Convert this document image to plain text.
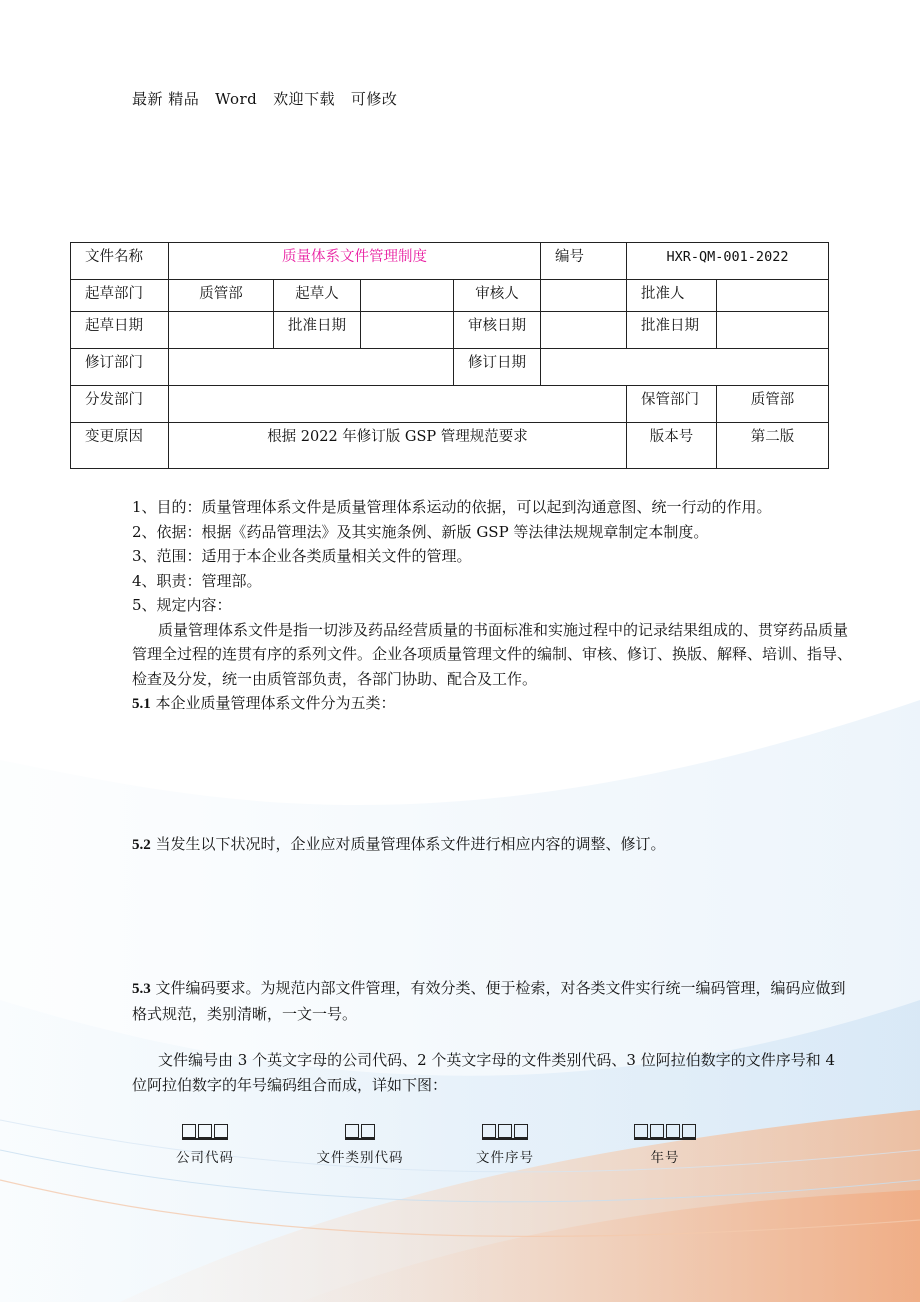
最新 精品   Word   欢迎下载   可修改
文件名称	质量体系文件管理制度				编号	HXR-QM-001-2022	
起草部门	质管部	起草人		审核人		批准人	
起草日期		批准日期		审核日期		批准日期	
修订部门				修订日期			
分发部门						保管部门	质管部
变更原因	根据 2022 年修订版 GSP 管理规范要求					版本号	第二版

1、目的：质量管理体系文件是质量管理体系运动的依据，可以起到沟通意图、统一行动的作用。

2、依据：根据《药品管理法》及其实施条例、新版 GSP 等法律法规规章制定本制度。

3、范围：适用于本企业各类质量相关文件的管理。

4、职责：管理部。

5、规定内容：

质量管理体系文件是指一切涉及药品经营质量的书面标准和实施过程中的记录结果组成的、贯穿药品质量管理全过程的连贯有序的系列文件。企业各项质量管理文件的编制、审核、修订、换版、解释、培训、指导、检查及分发，统一由质管部负责，各部门协助、配合及工作。

5.1 本企业质量管理体系文件分为五类：

5.2 当发生以下状况时，企业应对质量管理体系文件进行相应内容的调整、修订。

5.3 文件编码要求。为规范内部文件管理，有效分类、便于检索，对各类文件实行统一编码管理，编码应做到格式规范，类别清晰，一文一号。

文件编号由 3 个英文字母的公司代码、2 个英文字母的文件类别代码、3 位阿拉伯数字的文件序号和 4 位阿拉伯数字的年号编码组合而成，详如下图：

公司代码	文件类别代码	文件序号	年号
